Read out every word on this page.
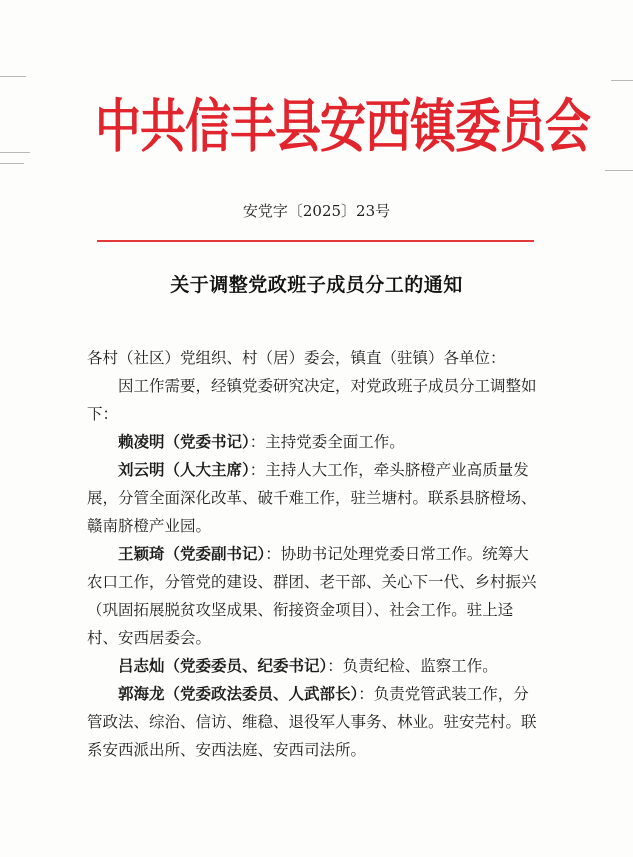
中共信丰县安西镇委员会
安党字〔2025〕23号
关于调整党政班子成员分工的通知

各村（社区）党组织、村（居）委会，镇直（驻镇）各单位：

因工作需要，经镇党委研究决定，对党政班子成员分工调整如下：

赖凌明（党委书记）：主持党委全面工作。

刘云明（人大主席）：主持人大工作，牵头脐橙产业高质量发展，分管全面深化改革、破千难工作，驻兰塘村。联系县脐橙场、赣南脐橙产业园。

王颖琦（党委副书记）：协助书记处理党委日常工作。统筹大农口工作，分管党的建设、群团、老干部、关心下一代、乡村振兴（巩固拓展脱贫攻坚成果、衔接资金项目）、社会工作。驻上迳村、安西居委会。

吕志灿（党委委员、纪委书记）：负责纪检、监察工作。

郭海龙（党委政法委员、人武部长）：负责党管武装工作，分管政法、综治、信访、维稳、退役军人事务、林业。驻安芫村。联系安西派出所、安西法庭、安西司法所。
